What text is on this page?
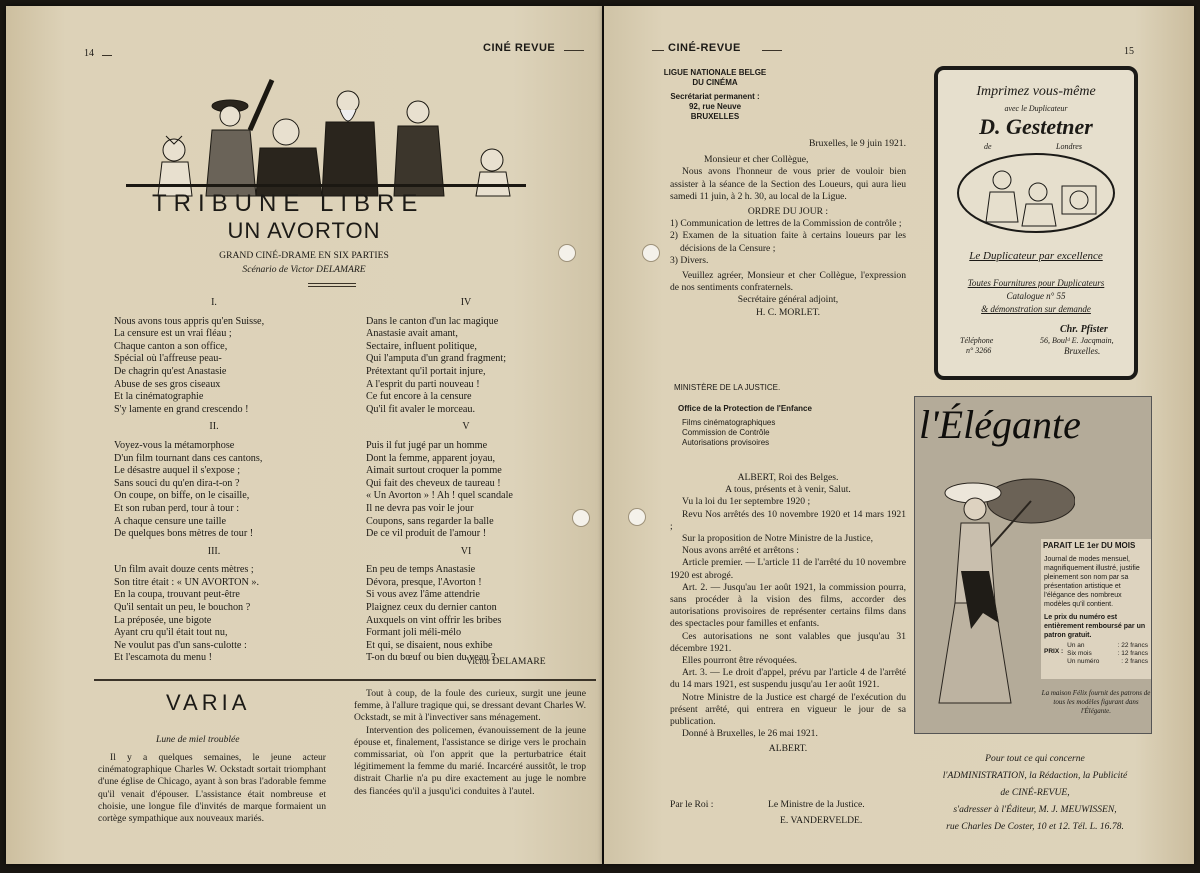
14	CINÉ REVUE
TRIBUNE LIBRE
UN AVORTON
GRAND CINÉ-DRAME EN SIX PARTIES
Scénario de Victor DELAMARE
I.
Nous avons tous appris qu'en Suisse,
La censure est un vrai fléau ;
Chaque canton a son office,
Spécial où l'affreuse peau-
De chagrin qu'est Anastasie
Abuse de ses gros ciseaux
Et la cinématographie
S'y lamente en grand crescendo !
II.
Voyez-vous la métamorphose
D'un film tournant dans ces cantons,
Le désastre auquel il s'expose ;
Sans souci du qu'en dira-t-on ?
On coupe, on biffe, on le cisaille,
Et son ruban perd, tour à tour :
A chaque censure une taille
De quelques bons mètres de tour !
III.
Un film avait douze cents mètres ;
Son titre était : « UN AVORTON ».
En la coupa, trouvant peut-être
Qu'il sentait un peu, le bouchon ?
La préposée, une bigote
Ayant cru qu'il était tout nu,
Ne voulut pas d'un sans-culotte :
Et l'escamota du menu !
IV
Dans le canton d'un lac magique
Anastasie avait amant,
Sectaire, influent politique,
Qui l'amputa d'un grand fragment;
Prétextant qu'il portait injure,
A l'esprit du parti nouveau !
Ce fut encore à la censure
Qu'il fit avaler le morceau.
V
Puis il fut jugé par un homme
Dont la femme, apparent joyau,
Aimait surtout croquer la pomme
Qui fait des cheveux de taureau !
« Un Avorton » ! Ah ! quel scandale
Il ne devra pas voir le jour
Coupons, sans regarder la balle
De ce vil produit de l'amour !
VI
En peu de temps Anastasie
Dévora, presque, l'Avorton !
Si vous avez l'âme attendrie
Plaignez ceux du dernier canton
Auxquels on vint offrir les bribes
Formant joli méli-mélo
Et qui, se disaient, nous exhibe
T-on du bœuf ou bien du veau ?
Victor DELAMARE
VARIA
Lune de miel troublée

Il y a quelques semaines, le jeune acteur cinématographique Charles W. Ockstadt sortait triomphant d'une église de Chicago, ayant à son bras l'adorable femme qu'il venait d'épouser. L'assistance était nombreuse et choisie, une longue file d'invités de marque formaient un cortège sympathique aux nouveaux mariés.

Tout à coup, de la foule des curieux, surgit une jeune femme, à l'allure tragique qui, se dressant devant Charles W. Ockstadt, se mit à l'invectiver sans ménagement.

Intervention des policemen, évanouissement de la jeune épouse et, finalement, l'assistance se dirige vers le prochain commissariat, où l'on apprit que la perturbatrice était légitimement la femme du marié. Incarcéré aussitôt, le trop distrait Charlie n'a pu dire exactement au juge le nombre des fiancées qu'il a jusqu'ici conduites à l'autel.

CINÉ-REVUE	15
LIGUE NATIONALE BELGE
DU CINÉMA
Secrétariat permanent :
92, rue Neuve
BRUXELLES
Bruxelles, le 9 juin 1921.
Monsieur et cher Collègue,

Nous avons l'honneur de vous prier de vouloir bien assister à la séance de la Section des Loueurs, qui aura lieu samedi 11 juin, à 2 h. 30, au local de la Ligue.

ORDRE DU JOUR :
1) Communication de lettres de la Commission de contrôle ;
2) Examen de la situation faite à certains loueurs par les décisions de la Censure ;
3) Divers.

Veuillez agréer, Monsieur et cher Collègue, l'expression de nos sentiments confraternels.

Secrétaire général adjoint,
H. C. MORLET.
MINISTÈRE DE LA JUSTICE.
Office de la Protection de l'Enfance
Films cinématographiques
Commission de Contrôle
Autorisations provisoires
ALBERT, Roi des Belges.
A tous, présents et à venir, Salut.

Vu la loi du 1er septembre 1920 ;

Revu Nos arrêtés des 10 novembre 1920 et 14 mars 1921 ;

Sur la proposition de Notre Ministre de la Justice,

Nous avons arrêté et arrêtons :

Article premier. — L'article 11 de l'arrêté du 10 novembre 1920 est abrogé.

Art. 2. — Jusqu'au 1er août 1921, la commission pourra, sans procéder à la vision des films, accorder des autorisations provisoires de représenter certains films dans des spectacles pour familles et enfants.

Ces autorisations ne sont valables que jusqu'au 31 décembre 1921.

Elles pourront être révoquées.

Art. 3. — Le droit d'appel, prévu par l'article 4 de l'arrêté du 14 mars 1921, est suspendu jusqu'au 1er août 1921.

Notre Ministre de la Justice est chargé de l'exécution du présent arrêté, qui entrera en vigueur le jour de sa publication.

Donné à Bruxelles, le 26 mai 1921.

ALBERT.
Par le Roi :	Le Ministre de la Justice.
E. VANDERVELDE.
Imprimez vous-même
avec le Duplicateur
D. Gestetner
de	Londres
Le Duplicateur par excellence
Toutes Fournitures pour Duplicateurs
Catalogue n° 55
& démonstration sur demande
Chr. Pfister
Téléphone
n° 3266
56, Boulᵈ E. Jacqmain,
Bruxelles.
l'Élégante
PARAIT LE 1er DU MOIS
Journal de modes mensuel, magnifiquement illustré, justifie pleinement son nom par sa présentation artistique et l'élégance des nombreux modèles qu'il contient.
Le prix du numéro est entièrement remboursé par un patron gratuit.
PRIX :
Un an	: 22 francs
Six mois	: 12 francs
Un numéro	: 2 francs
La maison Félix fournit des patrons de tous les modèles figurant dans l'Élégante.
Pour tout ce qui concerne
l'ADMINISTRATION, la Rédaction, la Publicité
de CINÉ-REVUE,
s'adresser à l'Éditeur, M. J. MEUWISSEN,
rue Charles De Coster, 10 et 12. Tél. L. 16.78.
